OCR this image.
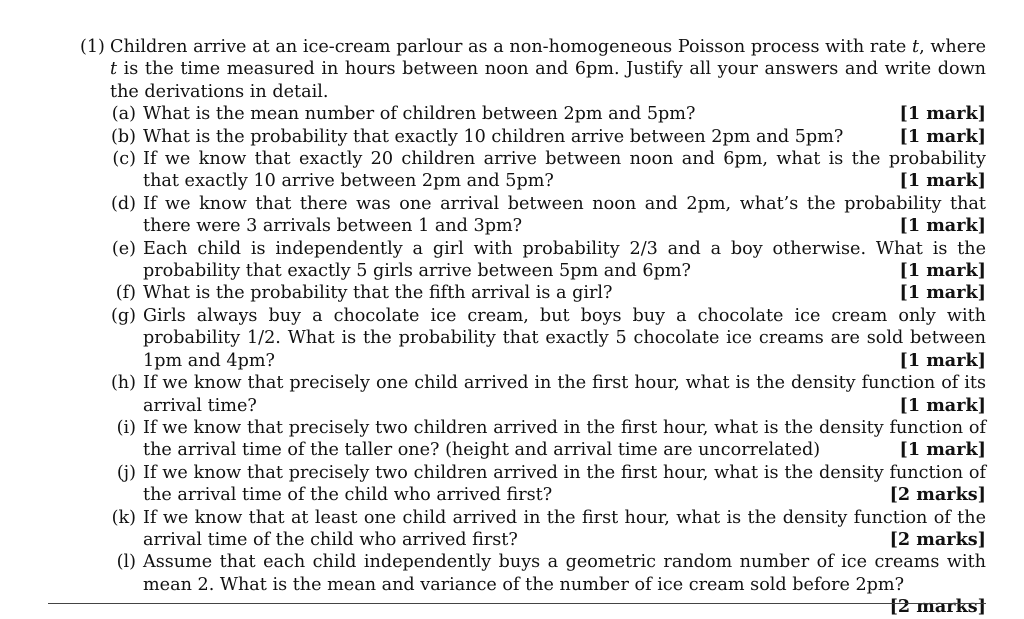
(1) Children arrive at an ice-cream parlour as a non-homogeneous Poisson process with rate t, where t is the time measured in hours between noon and 6pm. Justify all your answers and write down the derivations in detail.
(a) What is the mean number of children between 2pm and 5pm?	[1 mark]
(b) What is the probability that exactly 10 children arrive between 2pm and 5pm?	[1 mark]
(c) If we know that exactly 20 children arrive between noon and 6pm, what is the probability that exactly 10 arrive between 2pm and 5pm?	[1 mark]
(d) If we know that there was one arrival between noon and 2pm, what’s the probability that there were 3 arrivals between 1 and 3pm?	[1 mark]
(e) Each child is independently a girl with probability 2/3 and a boy otherwise. What is the probability that exactly 5 girls arrive between 5pm and 6pm?	[1 mark]
(f) What is the probability that the fifth arrival is a girl?	[1 mark]
(g) Girls always buy a chocolate ice cream, but boys buy a chocolate ice cream only with probability 1/2. What is the probability that exactly 5 chocolate ice creams are sold between 1pm and 4pm?	[1 mark]
(h) If we know that precisely one child arrived in the first hour, what is the density function of its arrival time?	[1 mark]
(i) If we know that precisely two children arrived in the first hour, what is the density function of the arrival time of the taller one? (height and arrival time are uncorrelated)	[1 mark]
(j) If we know that precisely two children arrived in the first hour, what is the density function of the arrival time of the child who arrived first?	[2 marks]
(k) If we know that at least one child arrived in the first hour, what is the density function of the arrival time of the child who arrived first?	[2 marks]
(l) Assume that each child independently buys a geometric random number of ice creams with mean 2. What is the mean and variance of the number of ice cream sold before 2pm?
[2 marks]
